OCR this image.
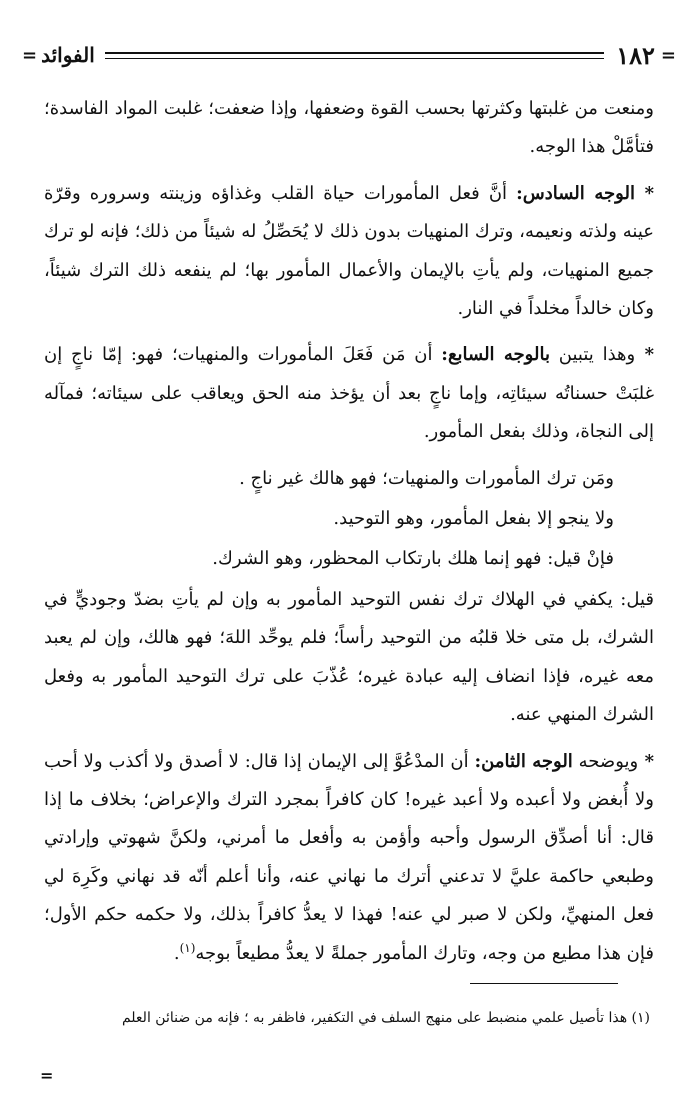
=
١٨٢
الفوائد
=

ومنعت من غلبتها وكثرتها بحسب القوة وضعفها، وإذا ضعفت؛ غلبت المواد الفاسدة؛ فتأمَّلْ هذا الوجه.

* الوجه السادس: أنَّ فعل المأمورات حياة القلب وغذاؤه وزينته وسروره وقرّة عينه ولذته ونعيمه، وترك المنهيات بدون ذلك لا يُحَصِّلُ له شيئاً من ذلك؛ فإنه لو ترك جميع المنهيات، ولم يأتِ بالإيمان والأعمال المأمور بها؛ لم ينفعه ذلك الترك شيئاً، وكان خالداً مخلداً في النار.

* وهذا يتبين بالوجه السابع: أن مَن فَعَلَ المأمورات والمنهيات؛ فهو: إمّا ناجٍ إن غلبَتْ حسناتُه سيئاتِه، وإما ناجٍ بعد أن يؤخذ منه الحق ويعاقب على سيئاته؛ فمآله إلى النجاة، وذلك بفعل المأمور.

ومَن ترك المأمورات والمنهيات؛ فهو هالك غير ناجٍ .

ولا ينجو إلا بفعل المأمور، وهو التوحيد.

فإنْ قيل: فهو إنما هلك بارتكاب المحظور، وهو الشرك.

قيل: يكفي في الهلاك ترك نفس التوحيد المأمور به وإن لم يأتِ بضدّ وجوديٍّ في الشرك، بل متى خلا قلبُه من التوحيد رأساً؛ فلم يوحِّد اللهَ؛ فهو هالك، وإن لم يعبد معه غيره، فإذا انضاف إليه عبادة غيره؛ عُذّبَ على ترك التوحيد المأمور به وفعل الشرك المنهي عنه.

* ويوضحه الوجه الثامن: أن المدْعُوَّ إلى الإيمان إذا قال: لا أصدق ولا أكذب ولا أحب ولا أُبغض ولا أعبده ولا أعبد غيره! كان كافراً بمجرد الترك والإعراض؛ بخلاف ما إذا قال: أنا أصدِّق الرسول وأحبه وأؤمن به وأفعل ما أمرني، ولكنَّ شهوتي وإرادتي وطبعي حاكمة عليَّ لا تدعني أترك ما نهاني عنه، وأنا أعلم أنّه قد نهاني وكَرِهَ لي فعل المنهيِّ، ولكن لا صبر لي عنه! فهذا لا يعدُّ كافراً بذلك، ولا حكمه حكم الأول؛ فإن هذا مطيع من وجه، وتارك المأمور جملةً لا يعدُّ مطيعاً بوجه$^{(١)}$.

(١) هذا تأصيل علمي منضبط على منهج السلف في التكفير، فاظفر به ؛ فإنه من ضنائن العلم
=
